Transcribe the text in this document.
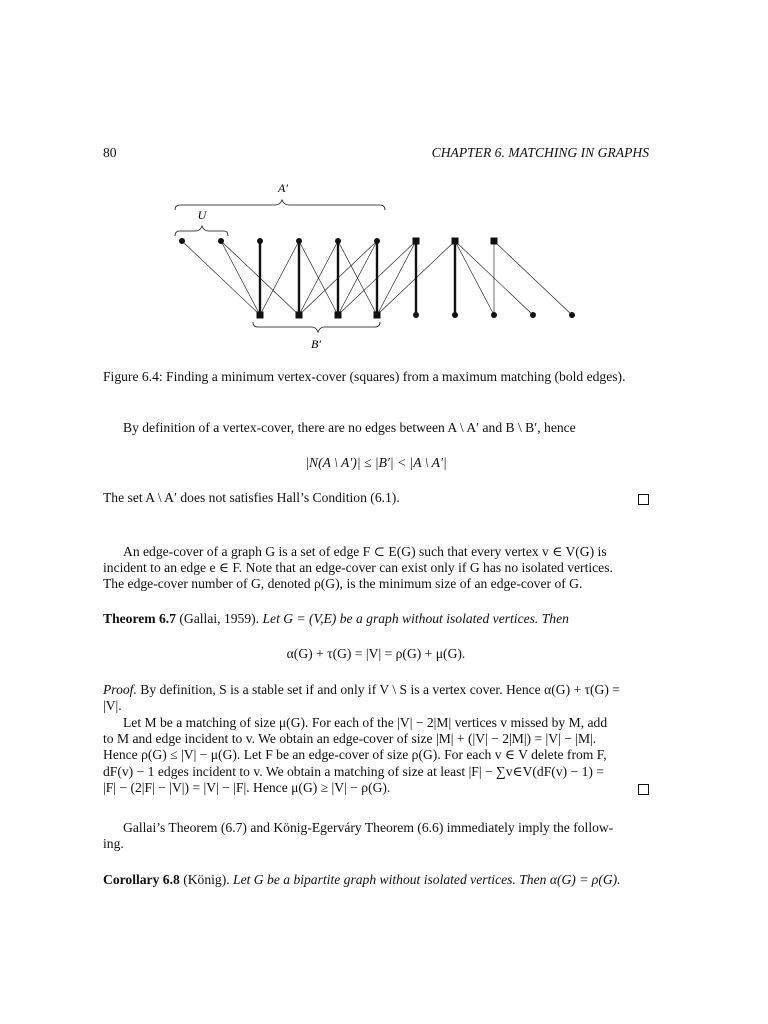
80	CHAPTER 6. MATCHING IN GRAPHS
A′
U
B′
Figure 6.4: Finding a minimum vertex-cover (squares) from a maximum matching (bold edges).
By definition of a vertex-cover, there are no edges between A \ A′ and B \ B′, hence
|N(A \ A′)| ≤ |B′| < |A \ A′|
The set A \ A′ does not satisfies Hall’s Condition (6.1).
An edge-cover of a graph G is a set of edge F ⊂ E(G) such that every vertex v ∈ V(G) is
incident to an edge e ∈ F. Note that an edge-cover can exist only if G has no isolated vertices.
The edge-cover number of G, denoted ρ(G), is the minimum size of an edge-cover of G.
Theorem 6.7 (Gallai, 1959). Let G = (V,E) be a graph without isolated vertices. Then
α(G) + τ(G) = |V| = ρ(G) + μ(G).
Proof. By definition, S is a stable set if and only if V \ S is a vertex cover. Hence α(G) + τ(G) =
|V|.
Let M be a matching of size μ(G). For each of the |V| − 2|M| vertices v missed by M, add
to M and edge incident to v. We obtain an edge-cover of size |M| + (|V| − 2|M|) = |V| − |M|.
Hence ρ(G) ≤ |V| − μ(G). Let F be an edge-cover of size ρ(G). For each v ∈ V delete from F,
dF(v) − 1 edges incident to v. We obtain a matching of size at least |F| − ∑v∈V(dF(v) − 1) =
|F| − (2|F| − |V|) = |V| − |F|. Hence μ(G) ≥ |V| − ρ(G).
Gallai’s Theorem (6.7) and König-Egerváry Theorem (6.6) immediately imply the follow-
ing.
Corollary 6.8 (König). Let G be a bipartite graph without isolated vertices. Then α(G) = ρ(G).
